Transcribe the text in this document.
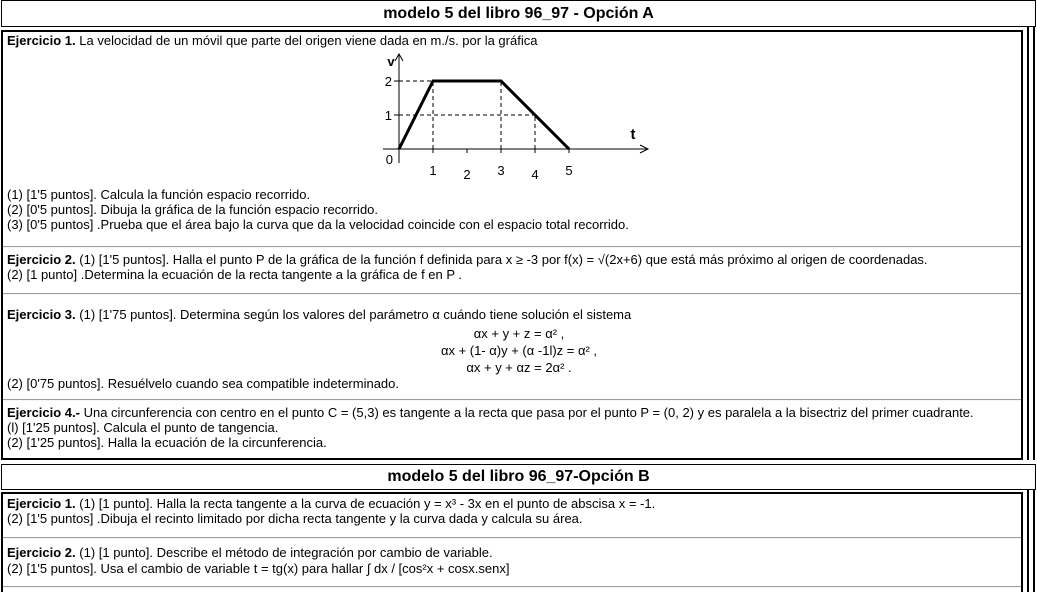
modelo 5 del libro 96_97 - Opción A

Ejercicio 1. La velocidad de un móvil que parte del origen viene dada en m./s. por la gráfica

0
1 2 3 4 5
1
2
v
t

(1) [1'5 puntos]. Calcula la función espacio recorrido.

(2) [0'5 puntos]. Dibuja la gráfica de la función espacio recorrido.

(3) [0'5 puntos] .Prueba que el área bajo la curva que da la velocidad coincide con el espacio total recorrido.

Ejercicio 2. (1) [1'5 puntos]. Halla el punto P de la gráfica de la función f definida para x ≥ -3 por f(x) = √(2x+6) que está más próximo al origen de coordenadas.

(2) [1 punto] .Determina la ecuación de la recta tangente a la gráfica de f en P .

Ejercicio 3. (1) [1'75 puntos]. Determina según los valores del parámetro α cuándo tiene solución el sistema

αx + y + z = α² ,

αx + (1- α)y + (α -1l)z = α² ,

αx + y + αz = 2α² .

(2) [0'75 puntos]. Resuélvelo cuando sea compatible indeterminado.

Ejercicio 4.- Una circunferencia con centro en el punto C = (5,3) es tangente a la recta que pasa por el punto P = (0, 2) y es paralela a la bisectriz del primer cuadrante.

(l) [1'25 puntos]. Calcula el punto de tangencia.

(2) [1'25 puntos]. Halla la ecuación de la circunferencia.

modelo 5 del libro 96_97-Opción B

Ejercicio 1. (1) [1 punto]. Halla la recta tangente a la curva de ecuación y = x³ - 3x en el punto de abscisa x = -1.

(2) [1'5 puntos] .Dibuja el recinto limitado por dicha recta tangente y la curva dada y calcula su área.

Ejercicio 2. (1) [1 punto]. Describe el método de integración por cambio de variable.

(2) [1'5 puntos]. Usa el cambio de variable t = tg(x) para hallar ∫ dx / [cos²x + cosx.senx]
